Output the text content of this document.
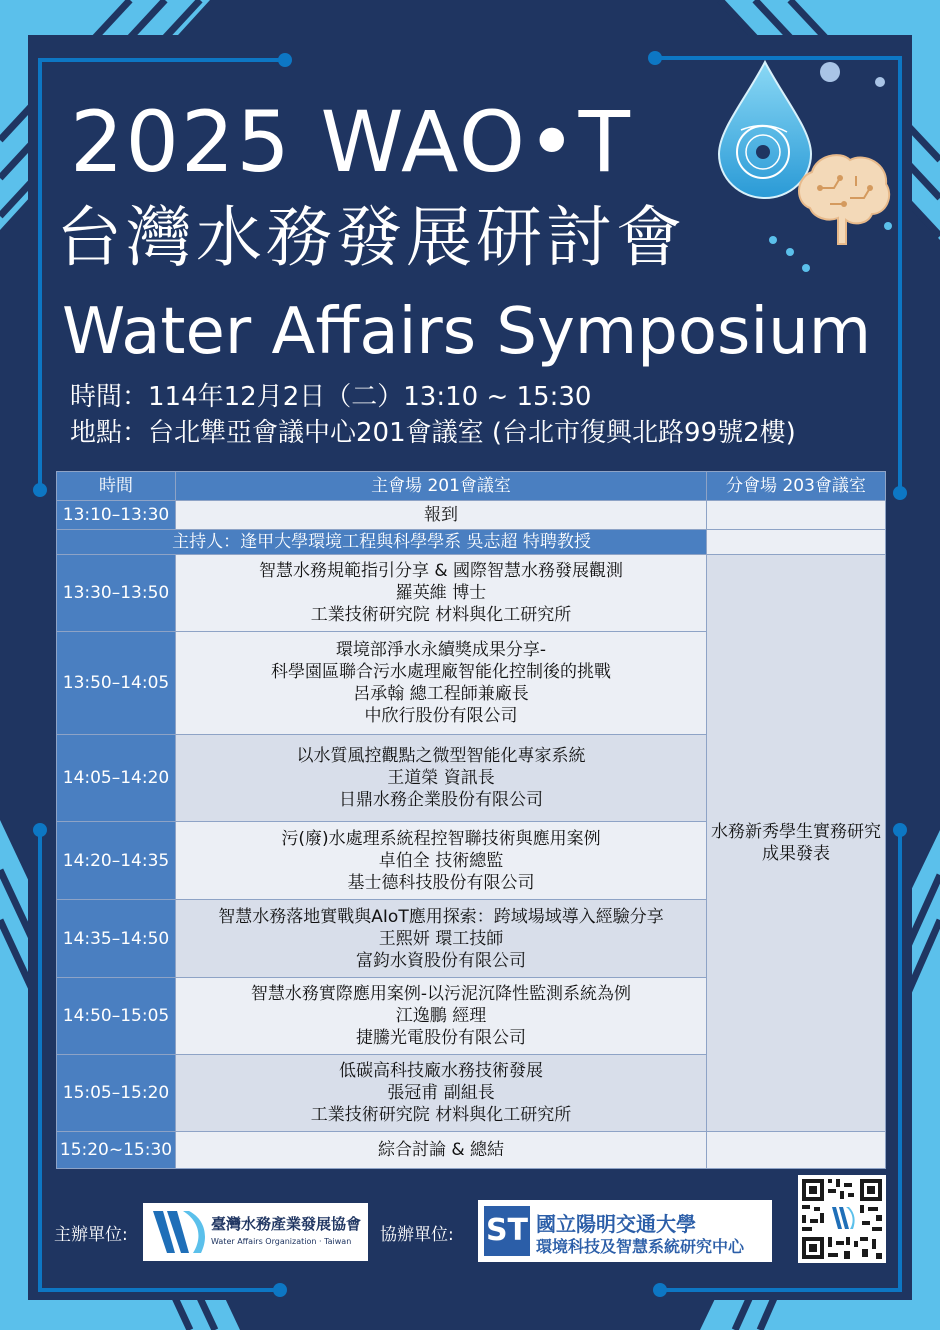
2025 WAO•T
台灣水務發展研討會
Water Affairs Symposium
時間：114年12月2日（二）13:10 ~ 15:30
地點：台北犨亞會議中心201會議室 (台北市復興北路99號2樓)
時間	主會場 201會議室	分會場 203會議室
13:10–13:30	報到	
主持人：逢甲大學環境工程與科學學系 吳志超 特聘教授		
13:30–13:50	智慧水務規範指引分享 & 國際智慧水務發展觀測
羅英維 博士
工業技術研究院 材料與化工研究所	水務新秀學生實務研究成果發表

13:50–14:05	環境部淨水永續獎成果分享-
科學園區聯合污水處理廠智能化控制後的挑戰
呂承翰 總工程師兼廠長
中欣行股份有限公司	

14:05–14:20	以水質風控觀點之微型智能化專家系統
王道榮 資訊長
日鼎水務企業股份有限公司	

14:20–14:35	污(廢)水處理系統程控智聯技術與應用案例
卓伯全 技術總監
基士德科技股份有限公司	

14:35–14:50	智慧水務落地實戰與AIoT應用探索：跨域場域導入經驗分享
王熙妍 環工技師
富鈞水資股份有限公司	

14:50–15:05	智慧水務實際應用案例-以污泥沉降性監測系統為例
江逸鵬 經理
捷騰光電股份有限公司	

15:05–15:20	低碳高科技廠水務技術發展
張冠甫 副組長
工業技術研究院 材料與化工研究所	

15:20~15:30	綜合討論 & 總結	
主辦單位:
臺灣水務產業發展協會
Water Affairs Organization · Taiwan 協辦單位: ST 國立陽明交通大學
環境科技及智慧系統研究中心
